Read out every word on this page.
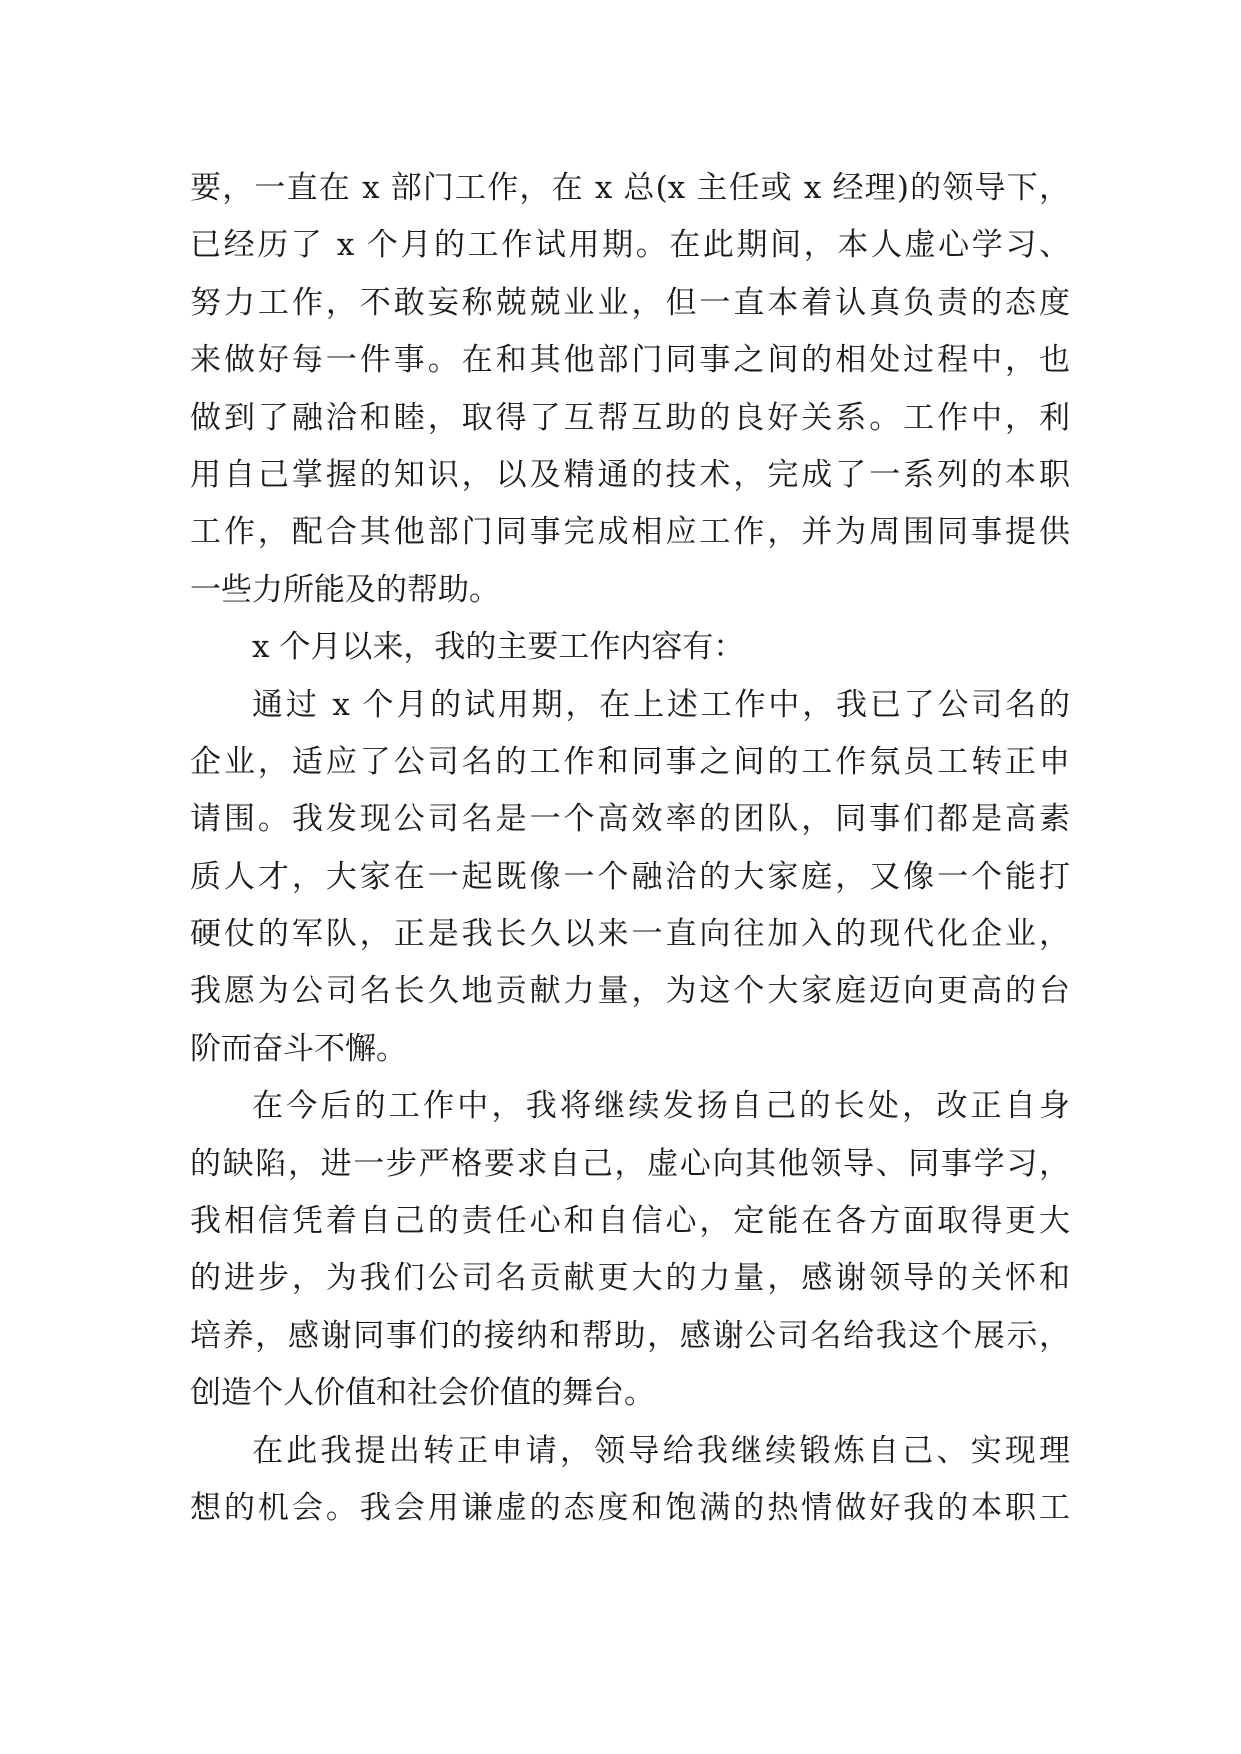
要，一直在 x 部门工作，在 x 总(x 主任或 x 经理)的领导下，
已经历了 x 个月的工作试用期。在此期间，本人虚心学习、
努力工作，不敢妄称兢兢业业，但一直本着认真负责的态度
来做好每一件事。在和其他部门同事之间的相处过程中，也
做到了融洽和睦，取得了互帮互助的良好关系。工作中，利
用自己掌握的知识，以及精通的技术，完成了一系列的本职
工作，配合其他部门同事完成相应工作，并为周围同事提供
一些力所能及的帮助。
x 个月以来，我的主要工作内容有：
通过 x 个月的试用期，在上述工作中，我已了公司名的
企业，适应了公司名的工作和同事之间的工作氛员工转正申
请围。我发现公司名是一个高效率的团队，同事们都是高素
质人才，大家在一起既像一个融洽的大家庭，又像一个能打
硬仗的军队，正是我长久以来一直向往加入的现代化企业，
我愿为公司名长久地贡献力量，为这个大家庭迈向更高的台
阶而奋斗不懈。
在今后的工作中，我将继续发扬自己的长处，改正自身
的缺陷，进一步严格要求自己，虚心向其他领导、同事学习，
我相信凭着自己的责任心和自信心，定能在各方面取得更大
的进步，为我们公司名贡献更大的力量，感谢领导的关怀和
培养，感谢同事们的接纳和帮助，感谢公司名给我这个展示，
创造个人价值和社会价值的舞台。
在此我提出转正申请，领导给我继续锻炼自己、实现理
想的机会。我会用谦虚的态度和饱满的热情做好我的本职工
